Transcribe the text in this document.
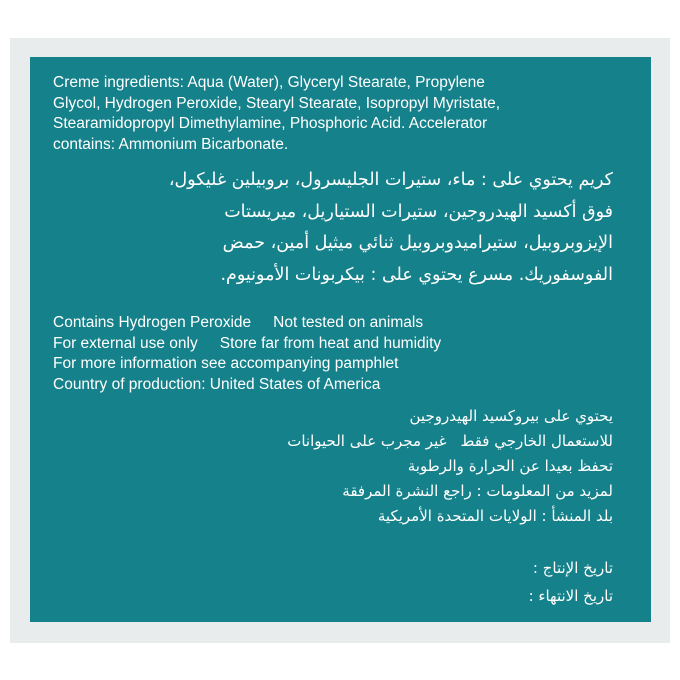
Creme ingredients: Aqua (Water), Glyceryl Stearate, Propylene
Glycol, Hydrogen Peroxide, Stearyl Stearate, Isopropyl Myristate,
Stearamidopropyl Dimethylamine, Phosphoric Acid. Accelerator
contains: Ammonium Bicarbonate.
كريم يحتوي على : ماء، ستيرات الجليسرول، بروبيلين غليكول،
فوق أكسيد الهيدروجين، ستيرات الستياريل، ميريستات
الإيزوبروبيل، ستيراميدوبروبيل ثنائي ميثيل أمين، حمض
الفوسفوريك. مسرع يحتوي على : بيكربونات الأمونيوم.
Contains Hydrogen Peroxide Not tested on animals
For external use only Store far from heat and humidity
For more information see accompanying pamphlet
Country of production: United States of America
يحتوي على بيروكسيد الهيدروجين
للاستعمال الخارجي فقطغير مجرب على الحيوانات
تحفظ بعيدا عن الحرارة والرطوبة
لمزيد من المعلومات : راجع النشرة المرفقة
بلد المنشأ : الولايات المتحدة الأمريكية
تاريخ الإنتاج :
تاريخ الانتهاء :
